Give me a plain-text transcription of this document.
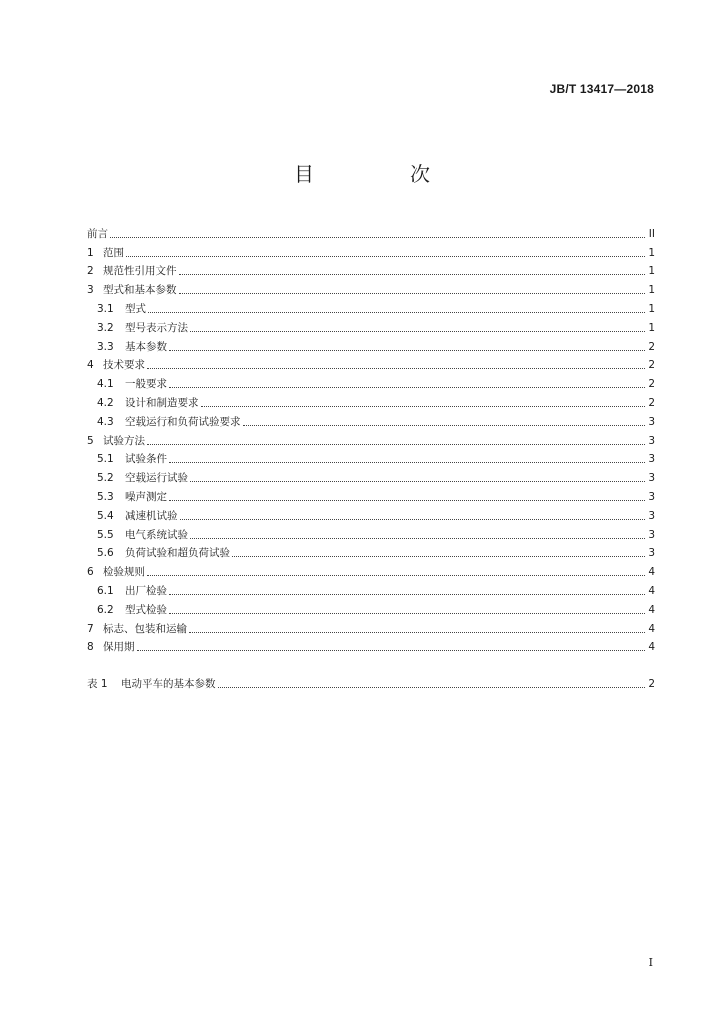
JB/T 13417—2018
目　次
前言	II
1 范围	1
2 规范性引用文件	1
3 型式和基本参数	1
3.1	型式	1
3.2	型号表示方法	1
3.3	基本参数	2
4 技术要求	2
4.1	一般要求	2
4.2	设计和制造要求	2
4.3	空载运行和负荷试验要求	3
5 试验方法	3
5.1	试验条件	3
5.2	空载运行试验	3
5.3	噪声测定	3
5.4	减速机试验	3
5.5	电气系统试验	3
5.6	负荷试验和超负荷试验	3
6 检验规则	4
6.1	出厂检验	4
6.2	型式检验	4
7 标志、包装和运输	4
8 保用期	4
表 1	电动平车的基本参数	2
I
